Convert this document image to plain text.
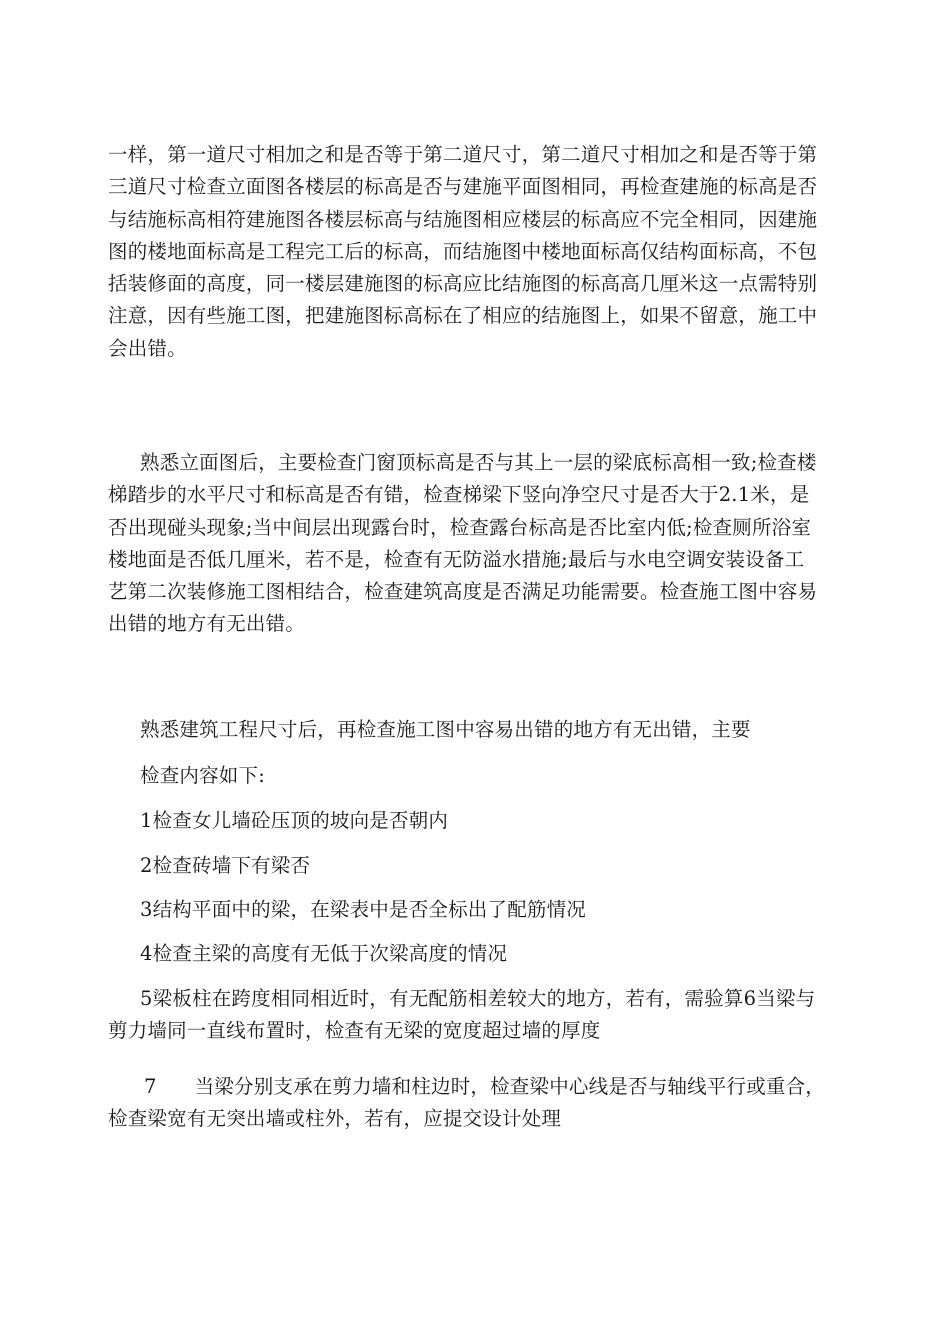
一样，第一道尺寸相加之和是否等于第二道尺寸，第二道尺寸相加之和是否等于第
三道尺寸检查立面图各楼层的标高是否与建施平面图相同，再检查建施的标高是否
与结施标高相符建施图各楼层标高与结施图相应楼层的标高应不完全相同，因建施
图的楼地面标高是工程完工后的标高，而结施图中楼地面标高仅结构面标高，不包
括装修面的高度，同一楼层建施图的标高应比结施图的标高高几厘米这一点需特别
注意，因有些施工图，把建施图标高标在了相应的结施图上，如果不留意，施工中
会出错。
熟悉立面图后，主要检查门窗顶标高是否与其上一层的梁底标高相一致;检查楼
梯踏步的水平尺寸和标高是否有错，检查梯梁下竖向净空尺寸是否大于2.1米，是
否出现碰头现象;当中间层出现露台时，检查露台标高是否比室内低;检查厕所浴室
楼地面是否低几厘米，若不是，检查有无防溢水措施;最后与水电空调安装设备工
艺第二次装修施工图相结合，检查建筑高度是否满足功能需要。检查施工图中容易
出错的地方有无出错。
熟悉建筑工程尺寸后，再检查施工图中容易出错的地方有无出错，主要
检查内容如下:
1检查女儿墙砼压顶的坡向是否朝内
2检查砖墙下有梁否
3结构平面中的梁，在梁表中是否全标出了配筋情况
4检查主梁的高度有无低于次梁高度的情况
5梁板柱在跨度相同相近时，有无配筋相差较大的地方，若有，需验算6当梁与
剪力墙同一直线布置时，检查有无梁的宽度超过墙的厚度
7 当梁分别支承在剪力墙和柱边时，检查梁中心线是否与轴线平行或重合，
检查梁宽有无突出墙或柱外，若有，应提交设计处理
